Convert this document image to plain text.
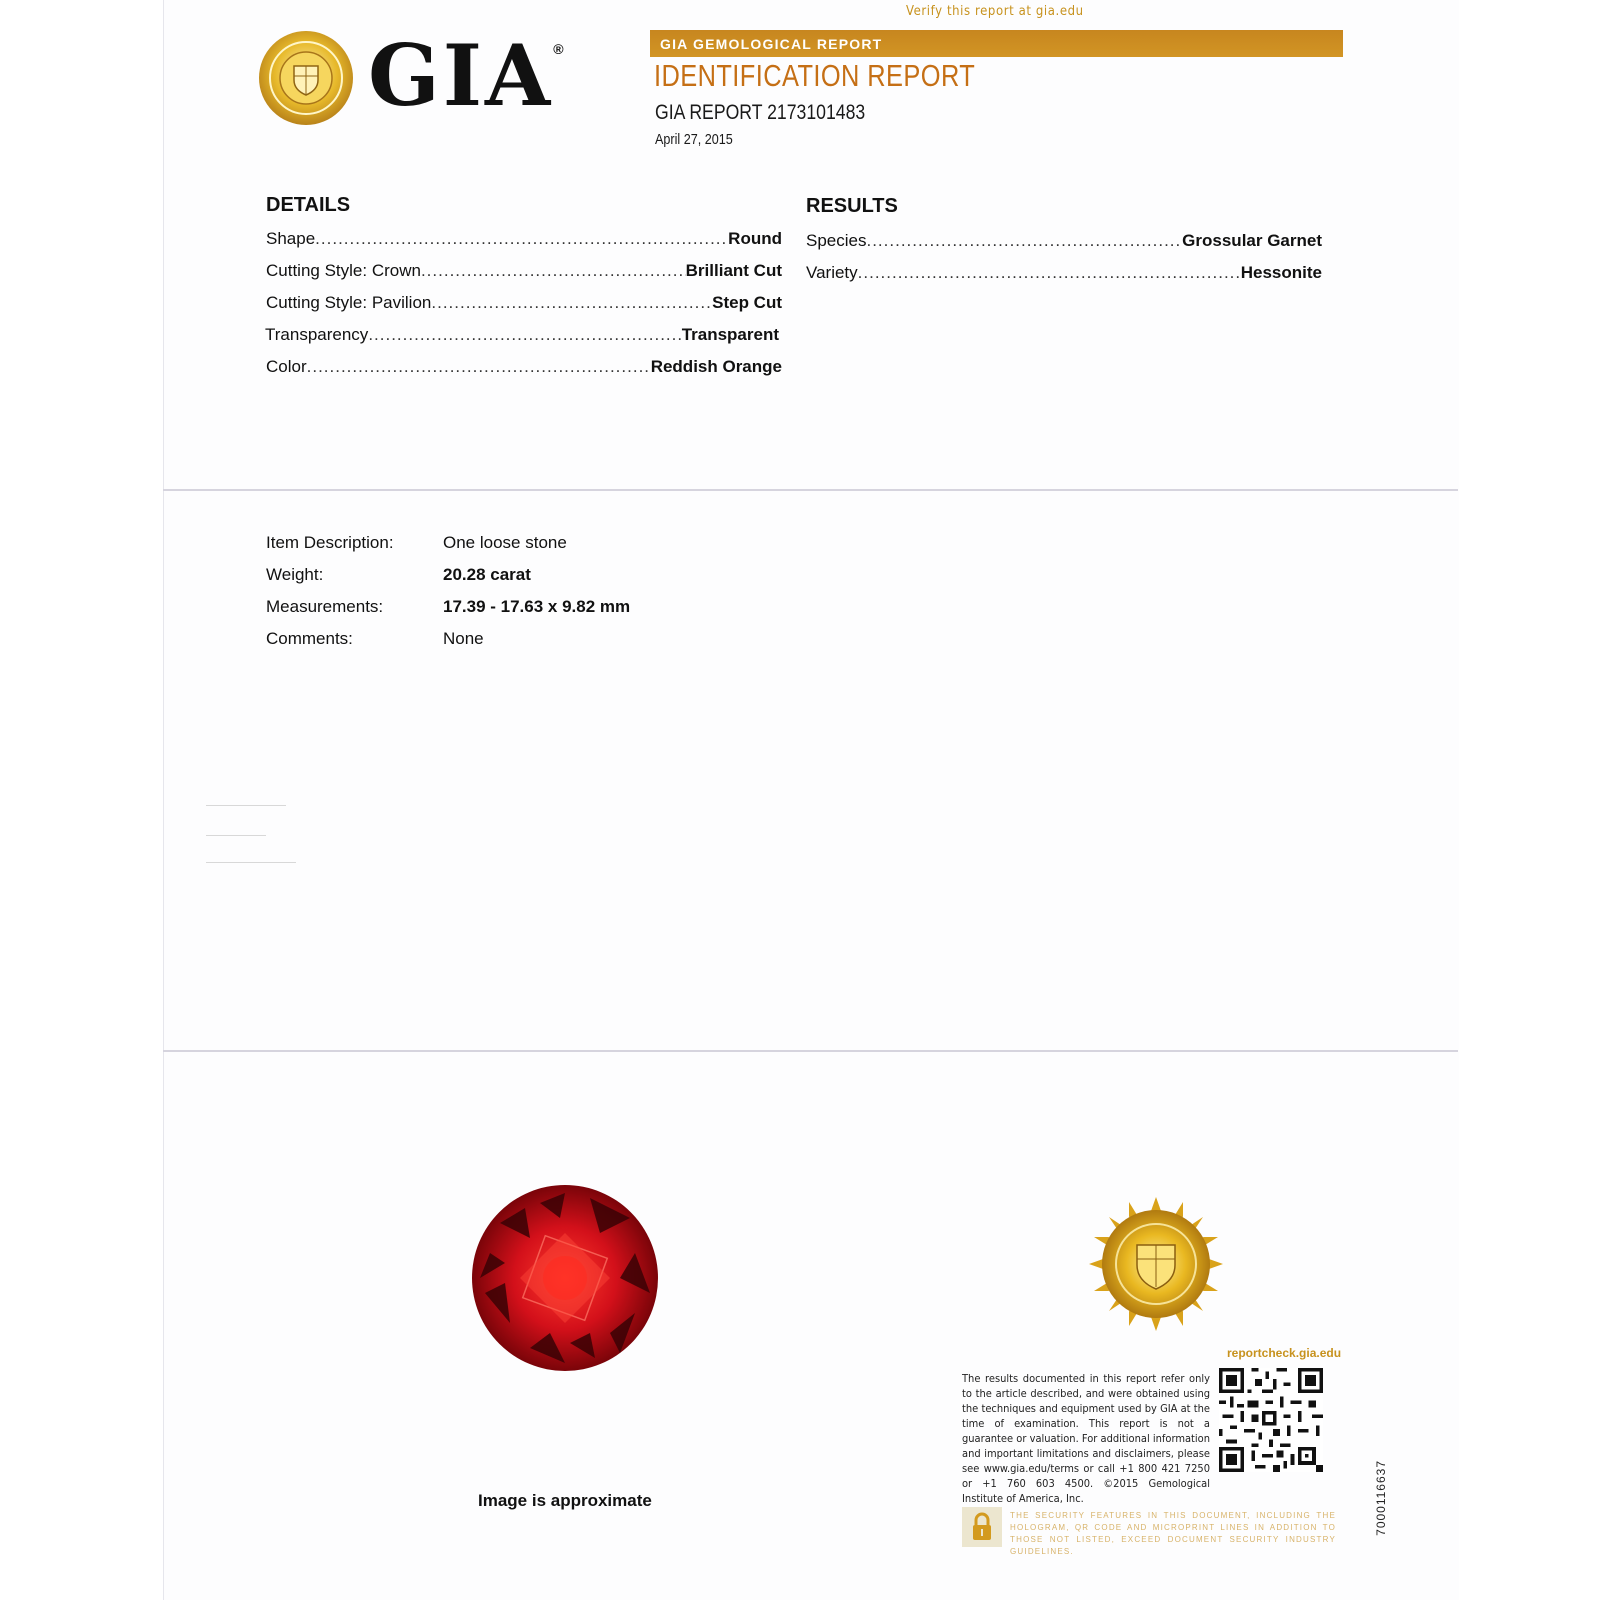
Verify this report at gia.edu
GIA®	GIA GEMOLOGICAL REPORT
IDENTIFICATION REPORT
GIA REPORT 2173101483
April 27, 2015
DETAILS
Shape .....	Round
Cutting Style: Crown .....	Brilliant Cut
Cutting Style: Pavilion .....	Step Cut
Transparency .....	Transparent
Color .....	Reddish Orange
RESULTS
Species .....	Grossular Garnet
Variety .....	Hessonite
Item Description:	One loose stone
Weight:	20.28 carat
Measurements:	17.39 - 17.63 x 9.82 mm
Comments:	None
Image is approximate
reportcheck.gia.edu
The results documented in this report refer only to the article described, and were obtained using the techniques and equipment used by GIA at the time of examination. This report is not a guarantee or valuation. For additional information and important limitations and disclaimers, please see www.gia.edu/terms or call +1 800 421 7250 or +1 760 603 4500. ©2015 Gemological Institute of America, Inc.
THE SECURITY FEATURES IN THIS DOCUMENT, INCLUDING THE HOLOGRAM, QR CODE AND MICROPRINT LINES IN ADDITION TO THOSE NOT LISTED, EXCEED DOCUMENT SECURITY INDUSTRY GUIDELINES.
7000116637
